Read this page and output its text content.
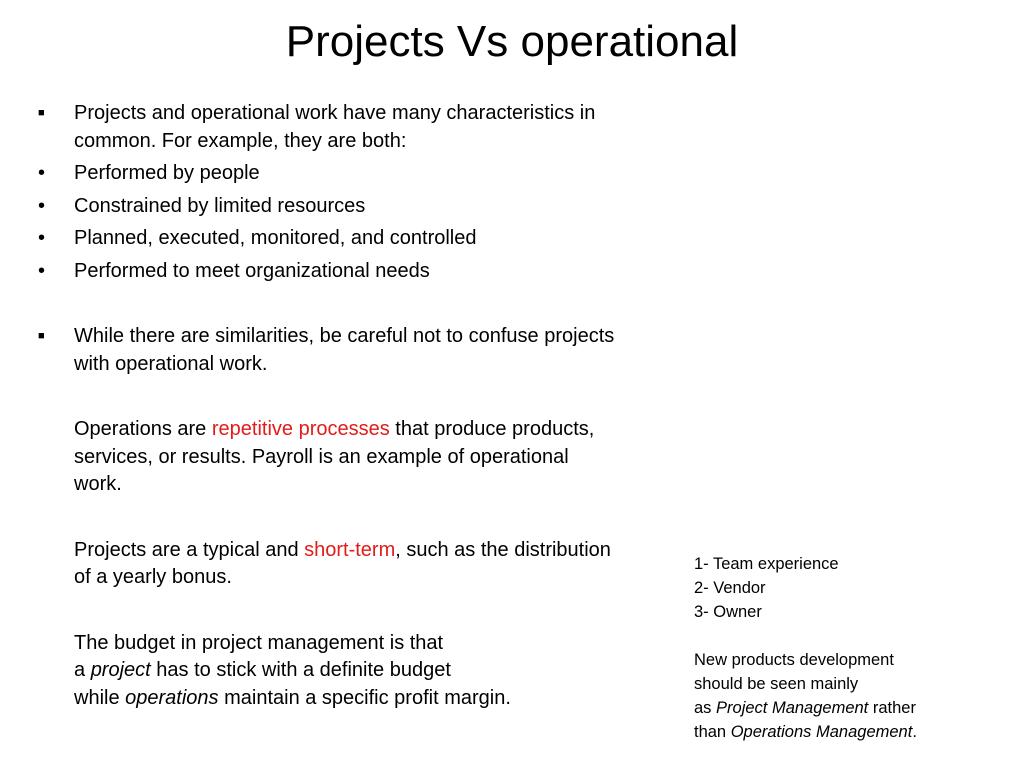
Projects Vs operational
■	Projects and operational work have many characteristics in common. For example, they are both:
•	Performed by people
•	Constrained by limited resources
•	Planned, executed, monitored, and controlled
•	Performed to meet organizational needs
■	While there are similarities, be careful not to confuse projects with operational work.
Operations are repetitive processes that produce products, services, or results. Payroll is an example of operational work.
Projects are a typical and short-term, such as the distribution of a yearly bonus.
The budget in project management is that
a project has to stick with a definite budget
while operations maintain a specific profit margin.
1- Team experience
2- Vendor
3- Owner
New products development
should be seen mainly
as Project Management rather
than Operations Management.
